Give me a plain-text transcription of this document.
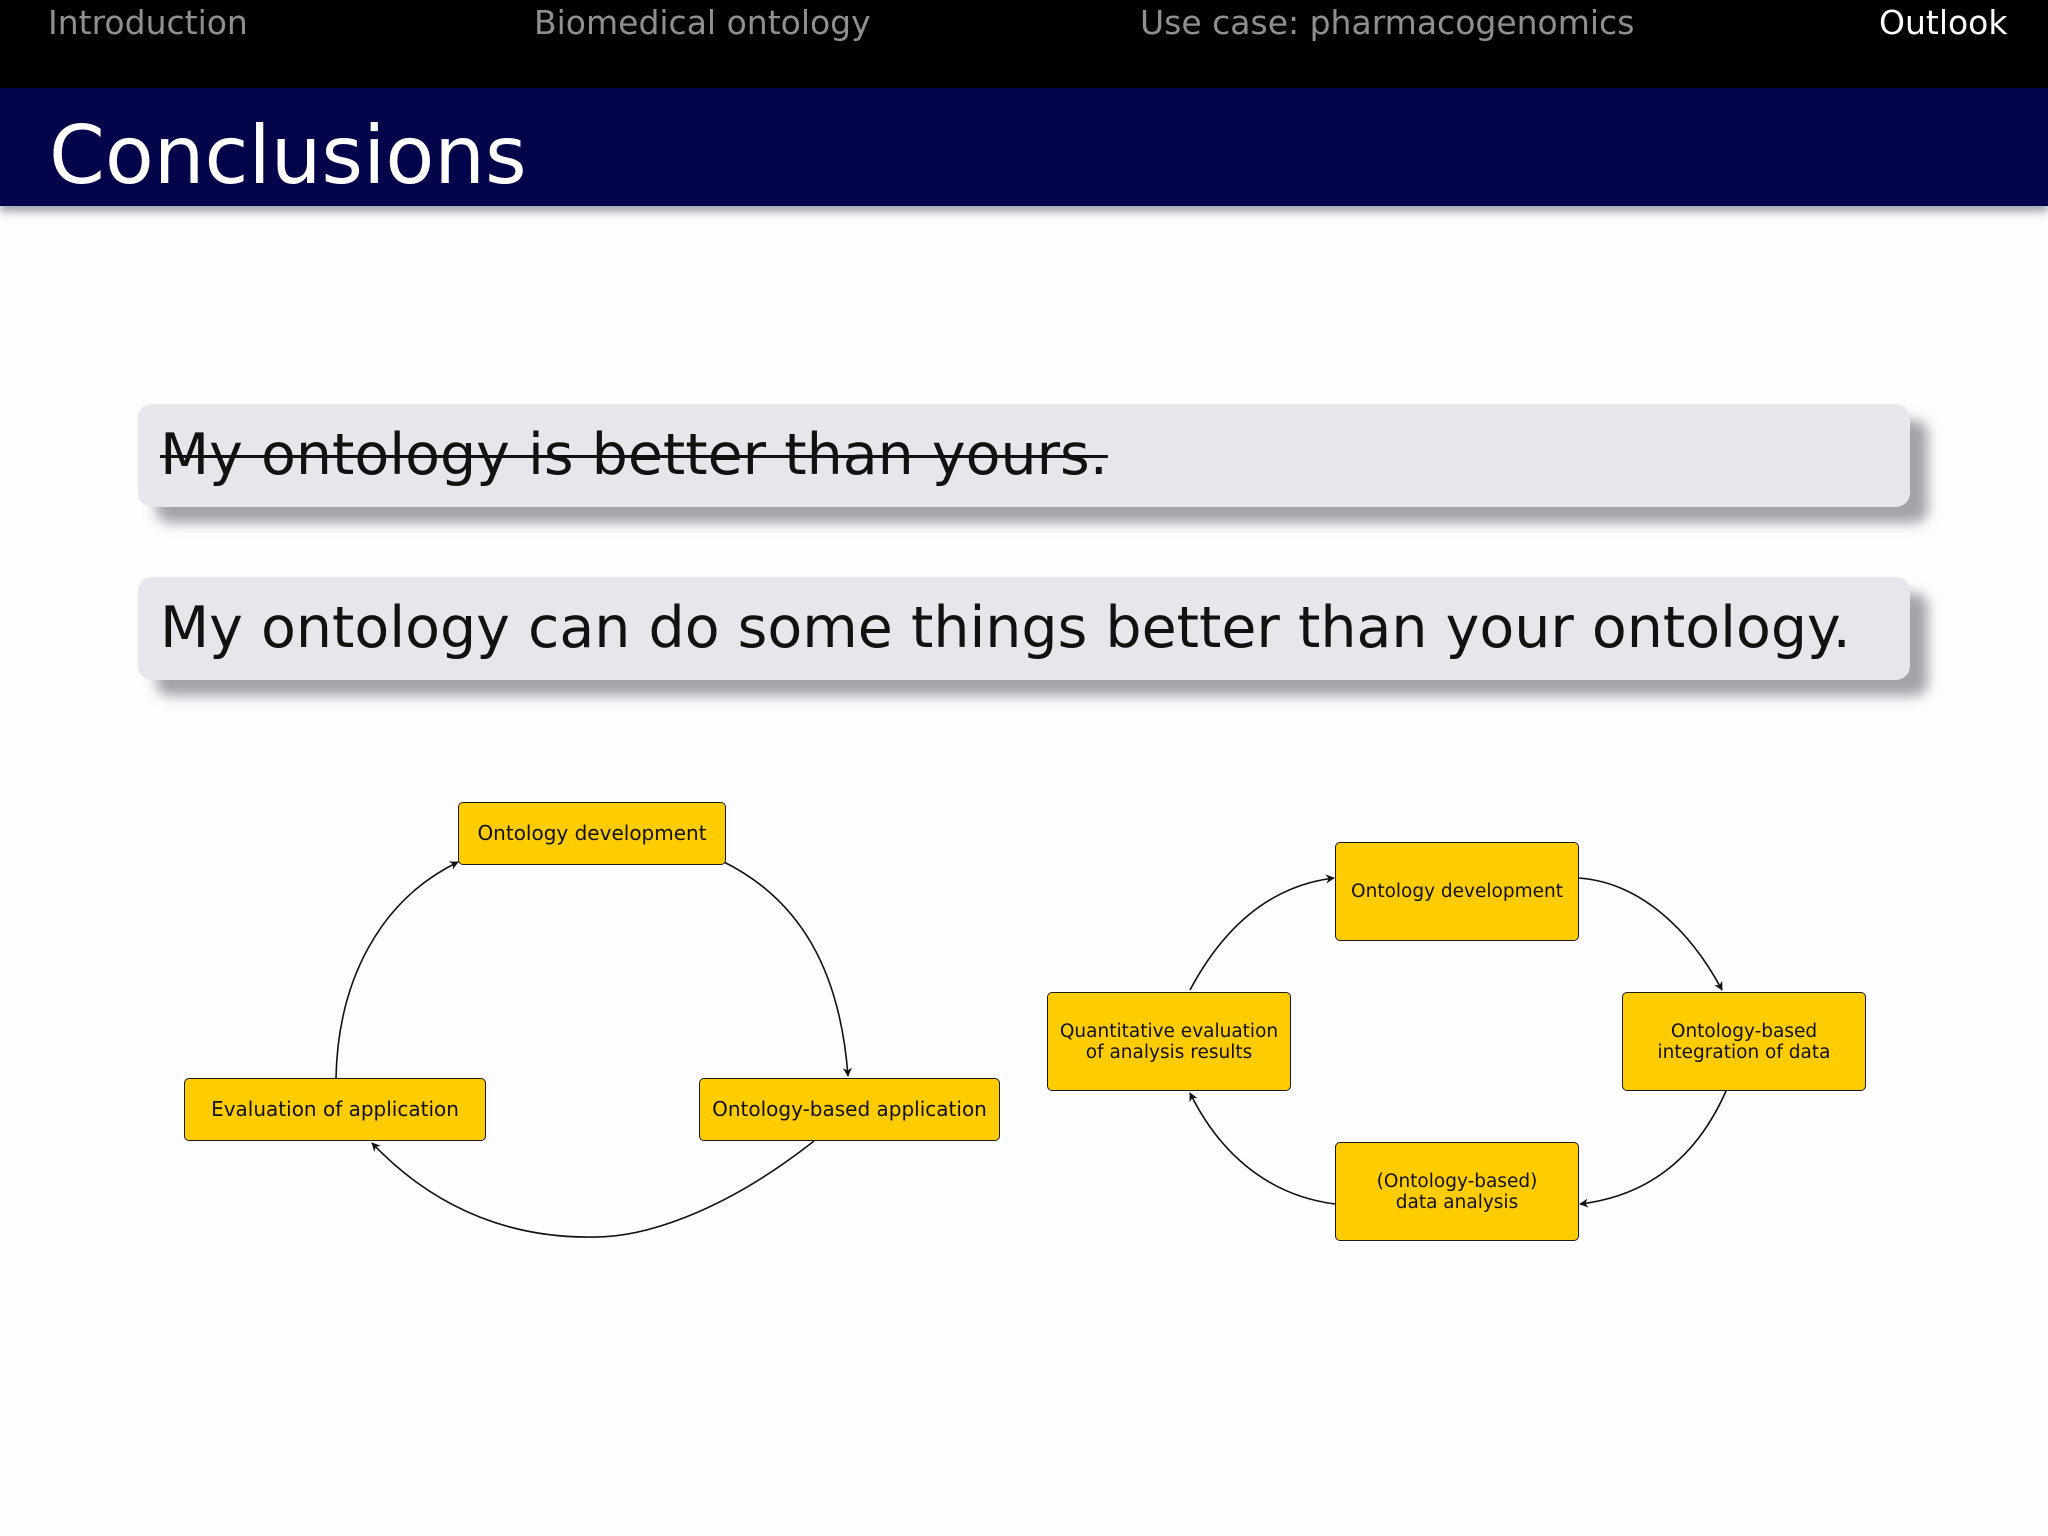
Introduction	Biomedical ontology	Use case: pharmacogenomics	Outlook
Conclusions
My ontology is better than yours.
My ontology can do some things better than your ontology.
Ontology development
Ontology-based application
Evaluation of application
Ontology development
Ontology-based
integration of data
(Ontology-based)
data analysis
Quantitative evaluation
of analysis results
